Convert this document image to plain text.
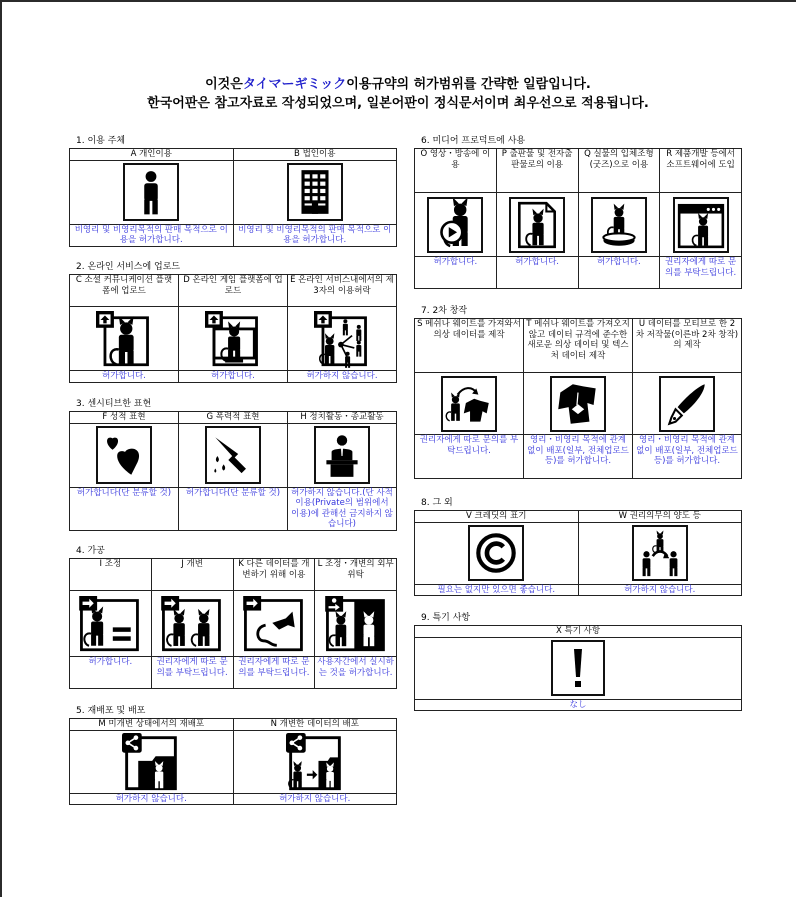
이것은タイマーギミック이용규약의 허가범위를 간략한 일람입니다.
한국어판은 참고자료로 작성되었으며, 일본어판이 정식문서이며 최우선으로 적용됩니다.
1. 이용 주체
A 개인이용	B 법인이용

비영리 및 비영리목적의 판매 목적으로 이용을 허가합니다.	비영리 및 비영리목적의 판매 목적으로 이용을 허가합니다.
2. 온라인 서비스에 업로드
C 소셜 커뮤니케이션 플랫폼에 업로드	D 온라인 게임 플랫폼에 업로드	E 온라인 서비스내에서의 제 3자의 이용허락

허가합니다.	허가합니다.	허가하지 않습니다.
3. 센시티브한 표현
F 성적 표현	G 폭력적 표현	H 정치활동・종교활동

허가합니다(단 분류할 것)	허가합니다(단 분류할 것)	허가하지 않습니다.(단 사적이용(Private의 범위에서 이용)에 관해선 금지하지 않습니다)
4. 가공
I 조정	J 개변	K 다른 데이터를 개변하기 위해 이용	L 조정・개변의 외부위탁

허가합니다.	권리자에게 따로 문의를 부탁드립니다.	권리자에게 따로 문의를 부탁드립니다.	사용자간에서 실시하는 것을 허가합니다.
5. 재배포 및 배포
M 미개변 상태에서의 재배포	N 개변한 데이터의 배포

허가하지 않습니다.	허가하지 않습니다.
6. 미디어 프로덕트에 사용
O 영상・방송에 이용	P 출판물 및 전자출판물로의 이용	Q 실물의 입체조형(굿즈)으로 이용	R 제품개발 등에서 소프트웨어에 도입

허가합니다.	허가합니다.	허가합니다.	권리자에게 따로 문의를 부탁드립니다.
7. 2차 창작
S 메쉬나 웨이트를 가져와서 의상 데이터를 제작	T 메쉬나 웨이트를 가져오지 않고 데이터 규격에 준수한 새로운 의상 데이터 및 텍스처 데이터 제작	U 데이터를 모티브로 한 2차 저작물(이른바 2차 창작)의 제작

권리자에게 따로 문의를 부탁드립니다.	영리・비영리 목적에 관계없이 배포(일부, 전체업로드 등)를 허가합니다.	영리・비영리 목적에 관계없이 배포(일부, 전체업로드 등)를 허가합니다.
8. 그 외
V 크레딧의 표기	W 권리의무의 양도 등

필요는 없지만 있으면 좋습니다.	허가하지 않습니다.
9. 특기 사항
X 특기 사항

なし
